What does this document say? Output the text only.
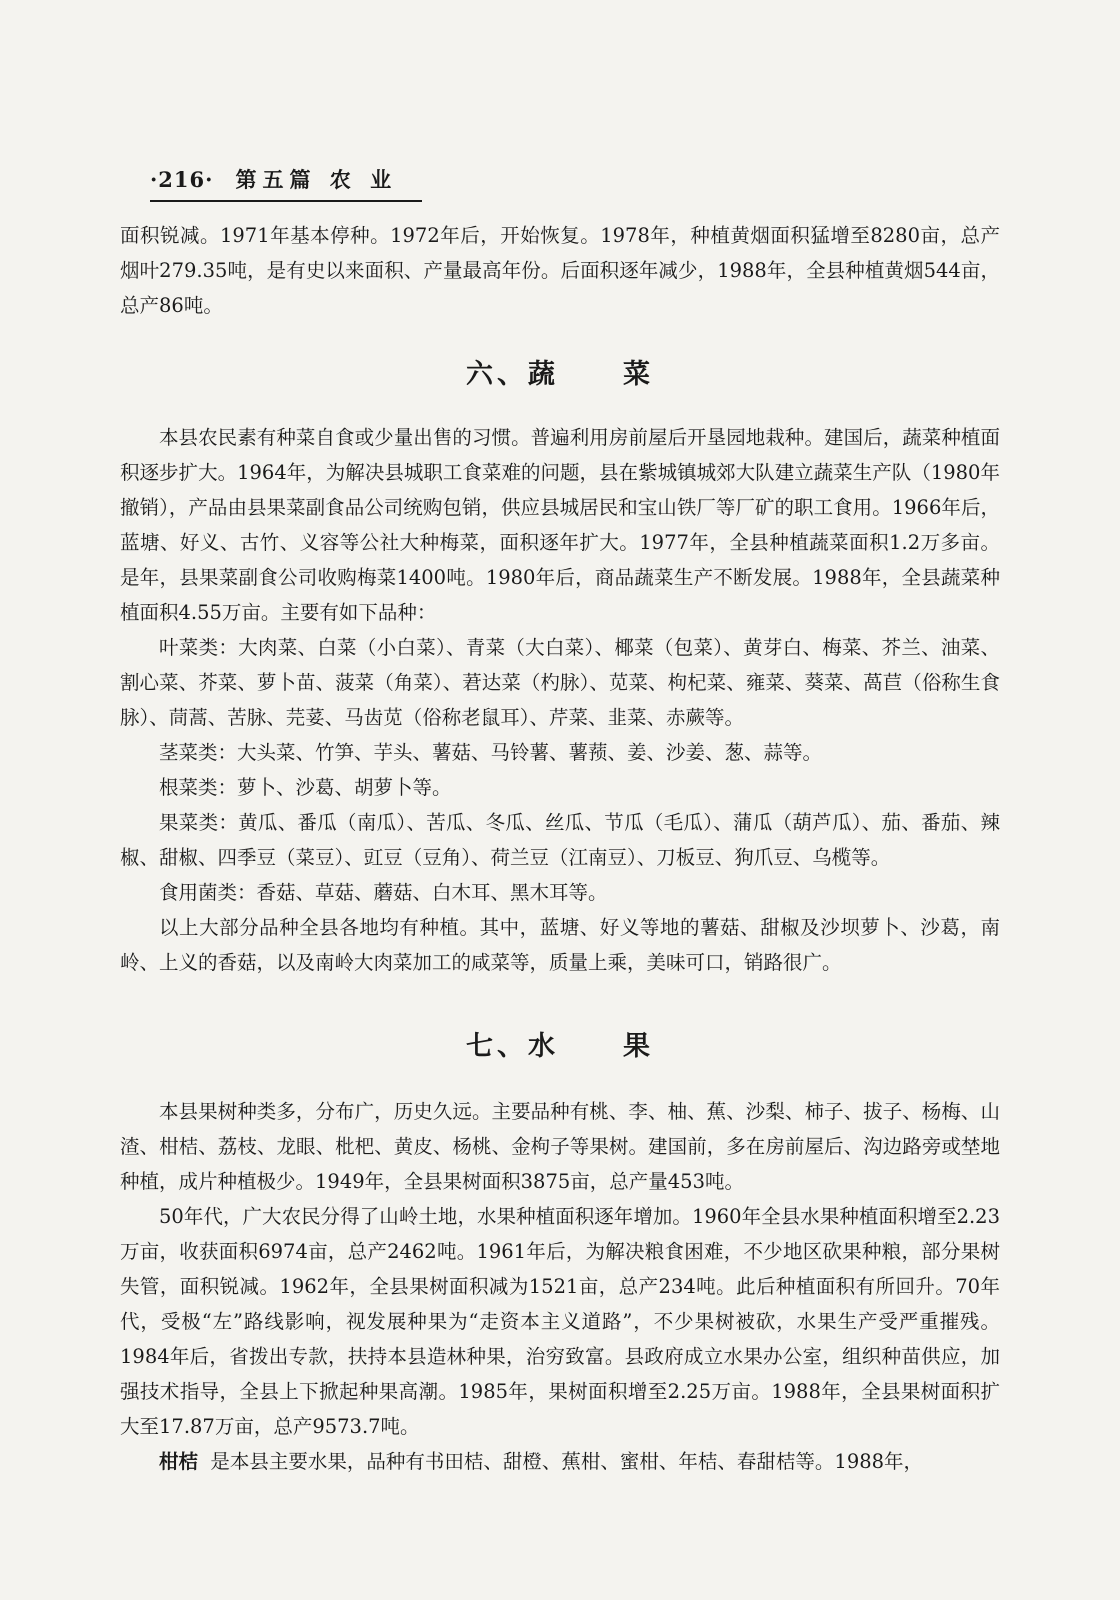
·216· 第五篇 农 业

面积锐减。1971年基本停种。1972年后，开始恢复。1978年，种植黄烟面积猛增至8280亩，总产烟叶279.35吨，是有史以来面积、产量最高年份。后面积逐年减少，1988年，全县种植黄烟544亩，总产86吨。

六、蔬 菜

本县农民素有种菜自食或少量出售的习惯。普遍利用房前屋后开垦园地栽种。建国后，蔬菜种植面积逐步扩大。1964年，为解决县城职工食菜难的问题，县在紫城镇城郊大队建立蔬菜生产队（1980年撤销），产品由县果菜副食品公司统购包销，供应县城居民和宝山铁厂等厂矿的职工食用。1966年后，蓝塘、好义、古竹、义容等公社大种梅菜，面积逐年扩大。1977年，全县种植蔬菜面积1.2万多亩。是年，县果菜副食公司收购梅菜1400吨。1980年后，商品蔬菜生产不断发展。1988年，全县蔬菜种植面积4.55万亩。主要有如下品种：

叶菜类：大肉菜、白菜（小白菜）、青菜（大白菜）、椰菜（包菜）、黄芽白、梅菜、芥兰、油菜、割心菜、芥菜、萝卜苗、菠菜（角菜）、莙达菜（杓脉）、苋菜、枸杞菜、雍菜、葵菜、萵苣（俗称生食脉）、茼蒿、苦脉、芫荽、马齿苋（俗称老鼠耳）、芹菜、韭菜、赤蕨等。

茎菜类：大头菜、竹笋、芋头、薯菇、马铃薯、薯蓣、姜、沙姜、葱、蒜等。

根菜类：萝卜、沙葛、胡萝卜等。

果菜类：黄瓜、番瓜（南瓜）、苦瓜、冬瓜、丝瓜、节瓜（毛瓜）、蒲瓜（葫芦瓜）、茄、番茄、辣椒、甜椒、四季豆（菜豆）、豇豆（豆角）、荷兰豆（江南豆）、刀板豆、狗爪豆、乌榄等。

食用菌类：香菇、草菇、蘑菇、白木耳、黑木耳等。

以上大部分品种全县各地均有种植。其中，蓝塘、好义等地的薯菇、甜椒及沙坝萝卜、沙葛，南岭、上义的香菇，以及南岭大肉菜加工的咸菜等，质量上乘，美味可口，销路很广。

七、水 果

本县果树种类多，分布广，历史久远。主要品种有桃、李、柚、蕉、沙梨、柿子、拔子、杨梅、山渣、柑桔、荔枝、龙眼、枇杷、黄皮、杨桃、金枸子等果树。建国前，多在房前屋后、沟边路旁或埜地种植，成片种植极少。1949年，全县果树面积3875亩，总产量453吨。

50年代，广大农民分得了山岭土地，水果种植面积逐年增加。1960年全县水果种植面积增至2.23万亩，收获面积6974亩，总产2462吨。1961年后，为解决粮食困难，不少地区砍果种粮，部分果树失管，面积锐减。1962年，全县果树面积减为1521亩，总产234吨。此后种植面积有所回升。70年代，受极“左”路线影响，视发展种果为“走资本主义道路”，不少果树被砍，水果生产受严重摧残。1984年后，省拨出专款，扶持本县造林种果，治穷致富。县政府成立水果办公室，组织种苗供应，加强技术指导，全县上下掀起种果高潮。1985年，果树面积增至2.25万亩。1988年，全县果树面积扩大至17.87万亩，总产9573.7吨。

柑桔 是本县主要水果，品种有书田桔、甜橙、蕉柑、蜜柑、年桔、春甜桔等。1988年，
